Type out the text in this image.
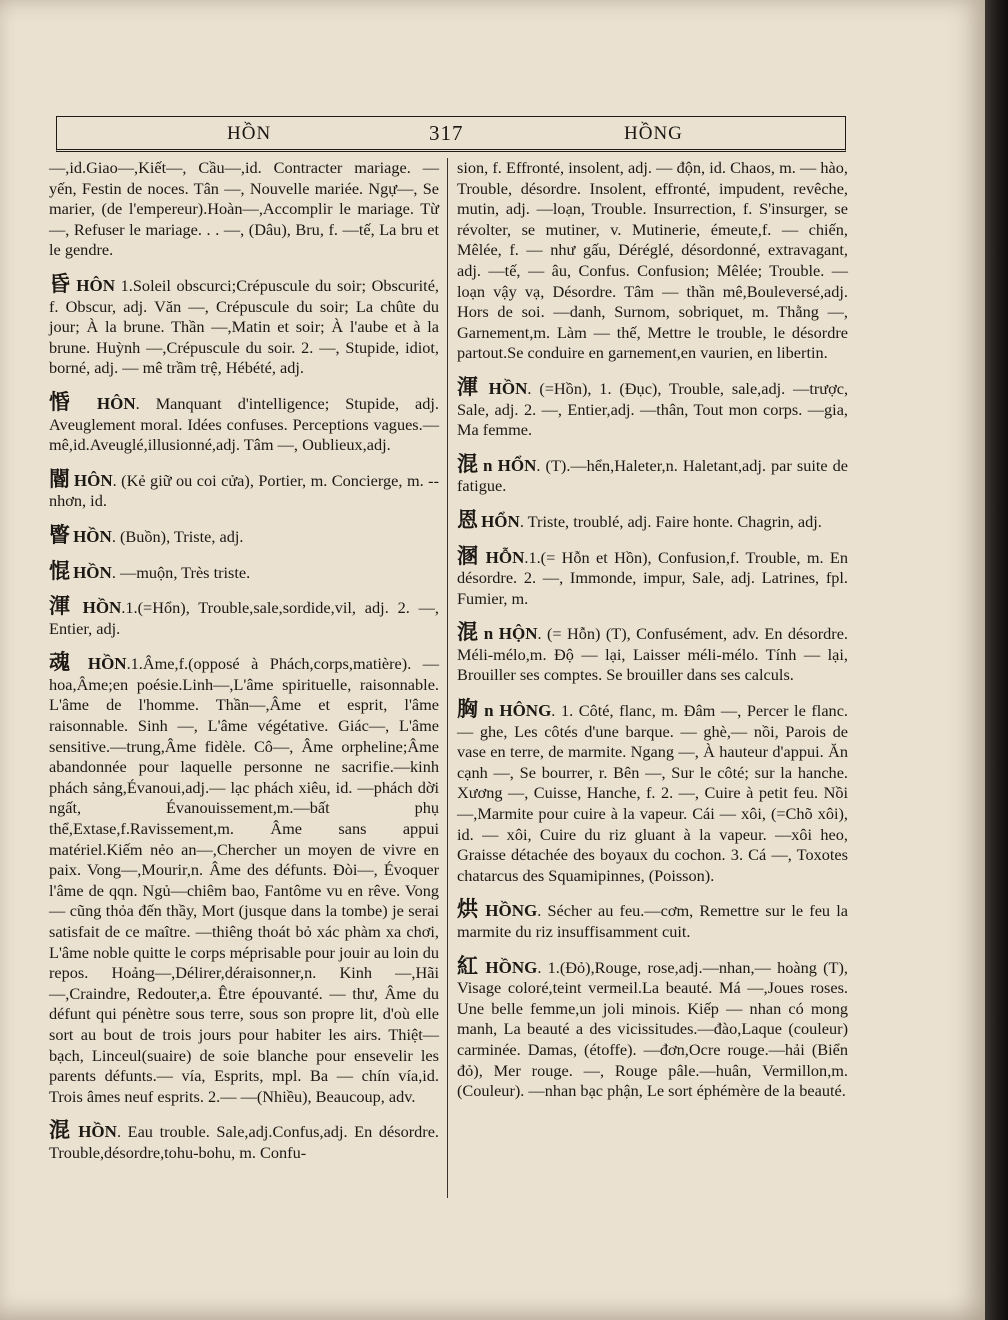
HỒN	317	HỒNG

—,id.Giao—,Kiết—, Cầu—,id. Contracter mariage. — yến, Festin de noces. Tân —, Nouvelle mariée. Ngự—, Se marier, (de l'empereur).Hoàn—,Accomplir le mariage. Từ —, Refuser le mariage. . . —, (Dâu), Bru, f. —tế, La bru et le gendre.

昏 HÔN 1.Soleil obscurci;Crépuscule du soir; Obscurité, f. Obscur, adj. Văn —, Crépuscule du soir; La chûte du jour; À la brune. Thần —,Matin et soir; À l'aube et à la brune. Huỳnh —,Crépuscule du soir. 2. —, Stupide, idiot, borné, adj. — mê trầm trệ, Hébété, adj.

惛 HÔN. Manquant d'intelligence; Stupide, adj. Aveuglement moral. Idées confuses. Perceptions vagues.—mê,id.Aveuglé,illusionné,adj. Tâm —, Oublieux,adj.

閽 HÔN. (Kẻ giữ ou coi cửa), Portier, m. Concierge, m. -- nhơn, id.

睯 HỒN. (Buồn), Triste, adj.

惃 HỒN. —muộn, Très triste.

渾 HỒN.1.(=Hổn), Trouble,sale,sordide,vil, adj. 2. —, Entier, adj.

魂 HỒN.1.Âme,f.(opposé à Phách,corps,matière). — hoa,Âme;en poésie.Linh—,L'âme spirituelle, raisonnable. L'âme de l'homme. Thần—,Âme et esprit, l'âme raisonnable. Sinh —, L'âme végétative. Giác—, L'âme sensitive.—trung,Âme fidèle. Cô—, Âme orpheline;Âme abandonnée pour laquelle personne ne sacrifie.—kinh phách sảng,Évanoui,adj.— lạc phách xiêu, id. —phách dời ngất, Évanouissement,m.—bất phụ thể,Extase,f.Ravissement,m. Âme sans appui matériel.Kiếm nẻo an—,Chercher un moyen de vivre en paix. Vong—,Mourir,n. Âme des défunts. Đòi—, Évoquer l'âme de qqn. Ngủ—chiêm bao, Fantôme vu en rêve. Vong — cũng thỏa đến thầy, Mort (jusque dans la tombe) je serai satisfait de ce maître. —thiêng thoát bỏ xác phàm xa chơi, L'âme noble quitte le corps méprisable pour jouir au loin du repos. Hoảng—,Délirer,déraisonner,n. Kinh —,Hãi—,Craindre, Redouter,a. Être épouvanté. — thư, Âme du défunt qui pénètre sous terre, sous son propre lit, d'où elle sort au bout de trois jours pour habiter les airs. Thiệt—bạch, Linceul(suaire) de soie blanche pour ensevelir les parents défunts.— vía, Esprits, mpl. Ba — chín vía,id. Trois âmes neuf esprits. 2.— —(Nhiều), Beaucoup, adv.

混 HỒN. Eau trouble. Sale,adj.Confus,adj. En désordre. Trouble,désordre,tohu-bohu, m. Confu-

sion, f. Effronté, insolent, adj. — độn, id. Chaos, m. — hào, Trouble, désordre. Insolent, effronté, impudent, revêche, mutin, adj. —loạn, Trouble. Insurrection, f. S'insurger, se révolter, se mutiner, v. Mutinerie, émeute,f. — chiến, Mêlée, f. — như gấu, Déréglé, désordonné, extravagant, adj. —tế, — âu, Confus. Confusion; Mêlée; Trouble. — loạn vậy vạ, Désordre. Tâm — thần mê,Bouleversé,adj. Hors de soi. —danh, Surnom, sobriquet, m. Thằng —, Garnement,m. Làm — thế, Mettre le trouble, le désordre partout.Se conduire en garnement,en vaurien, en libertin.

渾 HỒN. (=Hồn), 1. (Đục), Trouble, sale,adj. —trược, Sale, adj. 2. —, Entier,adj. —thân, Tout mon corps. —gia, Ma femme.

混 n HỔN. (T).—hển,Haleter,n. Haletant,adj. par suite de fatigue.

恩 HỔN. Triste, troublé, adj. Faire honte. Chagrin, adj.

溷 HỖN.1.(= Hỗn et Hồn), Confusion,f. Trouble, m. En désordre. 2. —, Immonde, impur, Sale, adj. Latrines, fpl. Fumier, m.

混 n HỘN. (= Hỗn) (T), Confusément, adv. En désordre. Méli-mélo,m. Độ — lại, Laisser méli-mélo. Tính — lại, Brouiller ses comptes. Se brouiller dans ses calculs.

胸 n HÔNG. 1. Côté, flanc, m. Đâm —, Percer le flanc. — ghe, Les côtés d'une barque. — ghè,— nồi, Parois de vase en terre, de marmite. Ngang —, À hauteur d'appui. Ăn cạnh —, Se bourrer, r. Bên —, Sur le côté; sur la hanche. Xương —, Cuisse, Hanche, f. 2. —, Cuire à petit feu. Nồi —,Marmite pour cuire à la vapeur. Cái — xôi, (=Chõ xôi), id. — xôi, Cuire du riz gluant à la vapeur. —xôi heo, Graisse détachée des boyaux du cochon. 3. Cá —, Toxotes chatarcus des Squamipinnes, (Poisson).

烘 HỒNG. Sécher au feu.—cơm, Remettre sur le feu la marmite du riz insuffisamment cuit.

紅 HỒNG. 1.(Đỏ),Rouge, rose,adj.—nhan,— hoàng (T), Visage coloré,teint vermeil.La beauté. Má —,Joues roses. Une belle femme,un joli minois. Kiếp — nhan có mong manh, La beauté a des vicissitudes.—đào,Laque (couleur) carminée. Damas, (étoffe). —đơn,Ocre rouge.—hải (Biển đỏ), Mer rouge. —, Rouge pâle.—huân, Vermillon,m. (Couleur). —nhan bạc phận, Le sort éphémère de la beauté.
